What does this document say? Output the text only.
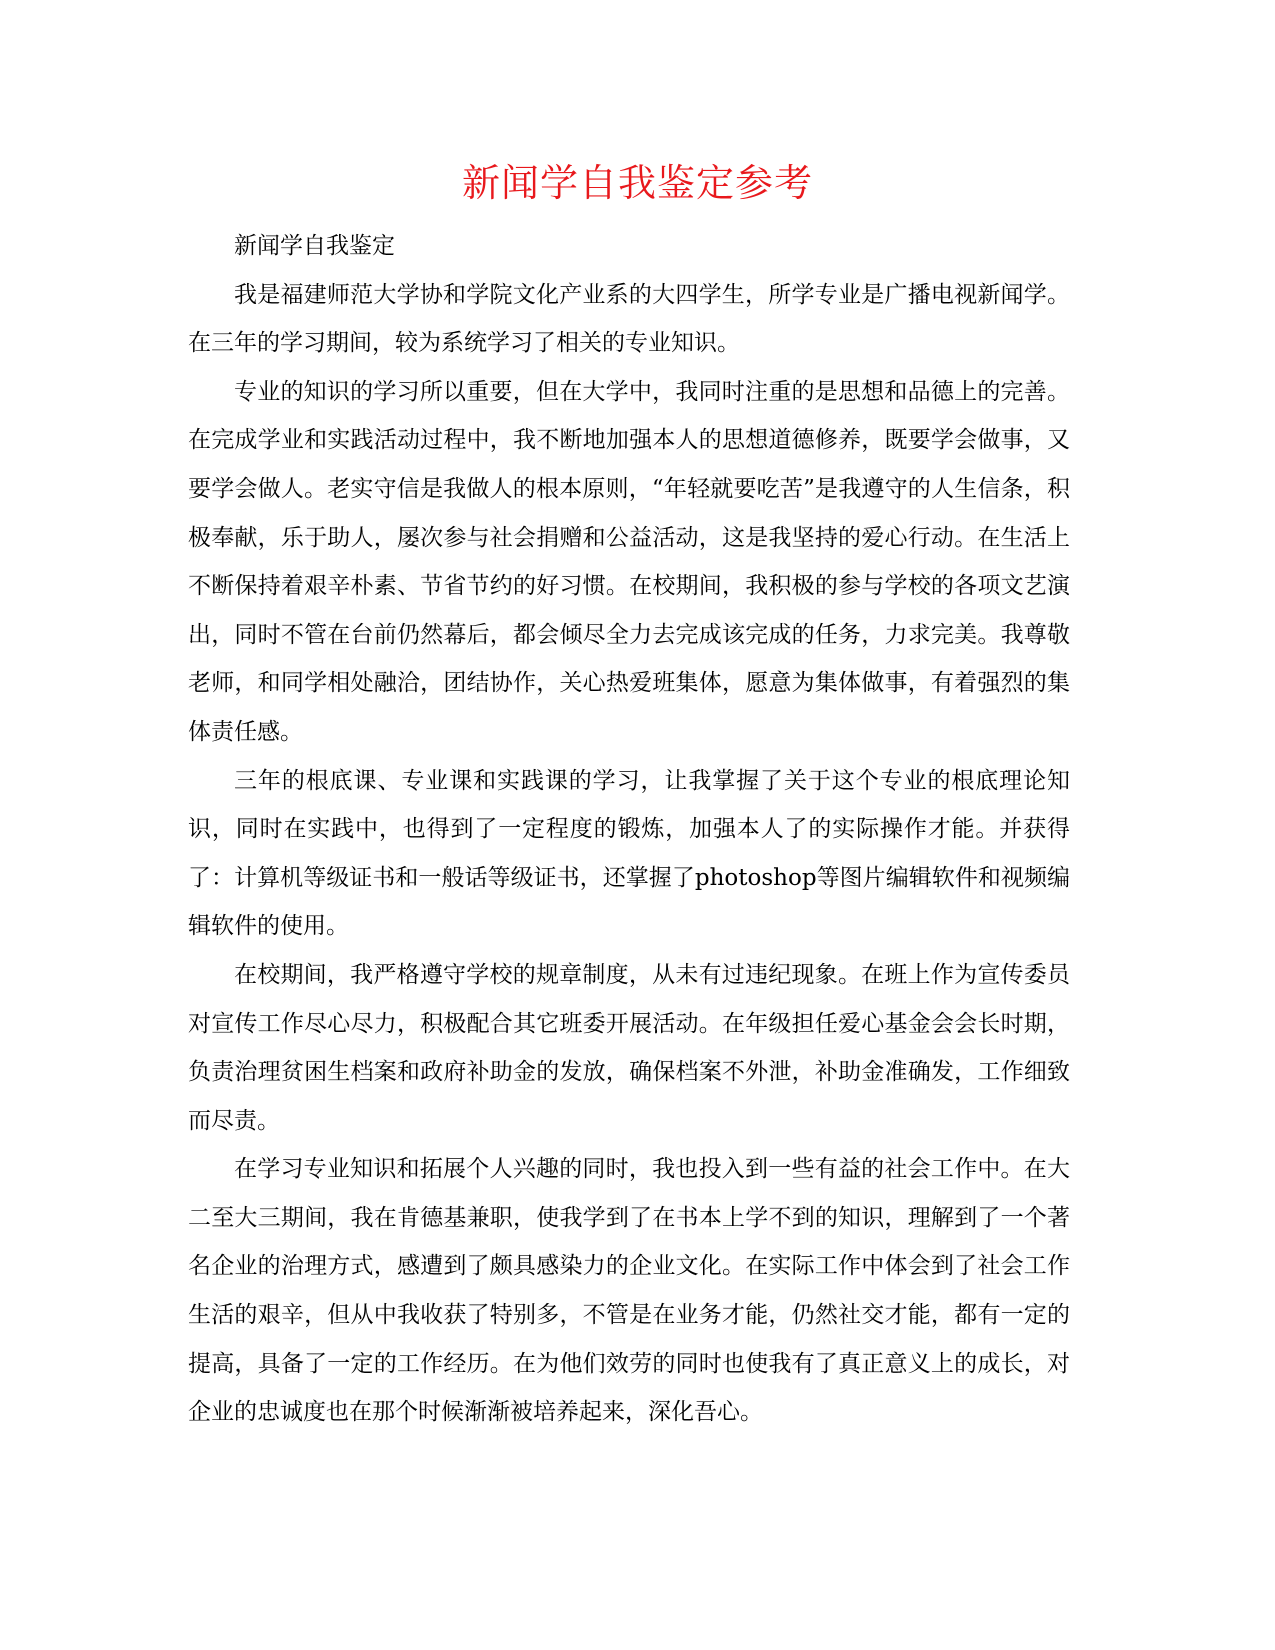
新闻学自我鉴定参考

新闻学自我鉴定

我是福建师范大学协和学院文化产业系的大四学生，所学专业是广播电视新闻学。在三年的学习期间，较为系统学习了相关的专业知识。

专业的知识的学习所以重要，但在大学中，我同时注重的是思想和品德上的完善。在完成学业和实践活动过程中，我不断地加强本人的思想道德修养，既要学会做事，又要学会做人。老实守信是我做人的根本原则，“年轻就要吃苦”是我遵守的人生信条，积极奉献，乐于助人，屡次参与社会捐赠和公益活动，这是我坚持的爱心行动。在生活上不断保持着艰辛朴素、节省节约的好习惯。在校期间，我积极的参与学校的各项文艺演出，同时不管在台前仍然幕后，都会倾尽全力去完成该完成的任务，力求完美。我尊敬老师，和同学相处融洽，团结协作，关心热爱班集体，愿意为集体做事，有着强烈的集体责任感。

三年的根底课、专业课和实践课的学习，让我掌握了关于这个专业的根底理论知识，同时在实践中，也得到了一定程度的锻炼，加强本人了的实际操作才能。并获得了：计算机等级证书和一般话等级证书，还掌握了photoshop等图片编辑软件和视频编辑软件的使用。

在校期间，我严格遵守学校的规章制度，从未有过违纪现象。在班上作为宣传委员对宣传工作尽心尽力，积极配合其它班委开展活动。在年级担任爱心基金会会长时期，负责治理贫困生档案和政府补助金的发放，确保档案不外泄，补助金准确发，工作细致而尽责。

在学习专业知识和拓展个人兴趣的同时，我也投入到一些有益的社会工作中。在大二至大三期间，我在肯德基兼职，使我学到了在书本上学不到的知识，理解到了一个著名企业的治理方式，感遭到了颇具感染力的企业文化。在实际工作中体会到了社会工作生活的艰辛，但从中我收获了特别多，不管是在业务才能，仍然社交才能，都有一定的提高，具备了一定的工作经历。在为他们效劳的同时也使我有了真正意义上的成长，对企业的忠诚度也在那个时候渐渐被培养起来，深化吾心。
